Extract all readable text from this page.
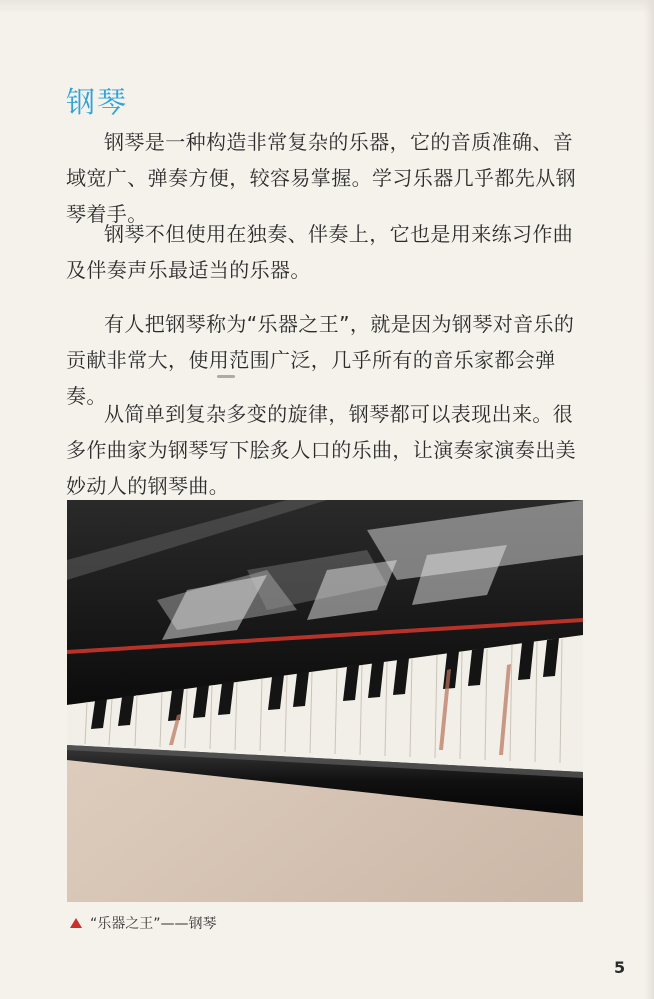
钢琴

钢琴是一种构造非常复杂的乐器，它的音质准确、音域宽广、弹奏方便，较容易掌握。学习乐器几乎都先从钢琴着手。

钢琴不但使用在独奏、伴奏上，它也是用来练习作曲及伴奏声乐最适当的乐器。

有人把钢琴称为“乐器之王”，就是因为钢琴对音乐的贡献非常大，使用范围广泛，几乎所有的音乐家都会弹奏。

从简单到复杂多变的旋律，钢琴都可以表现出来。很多作曲家为钢琴写下脍炙人口的乐曲，让演奏家演奏出美妙动人的钢琴曲。

“乐器之王”——钢琴
5
